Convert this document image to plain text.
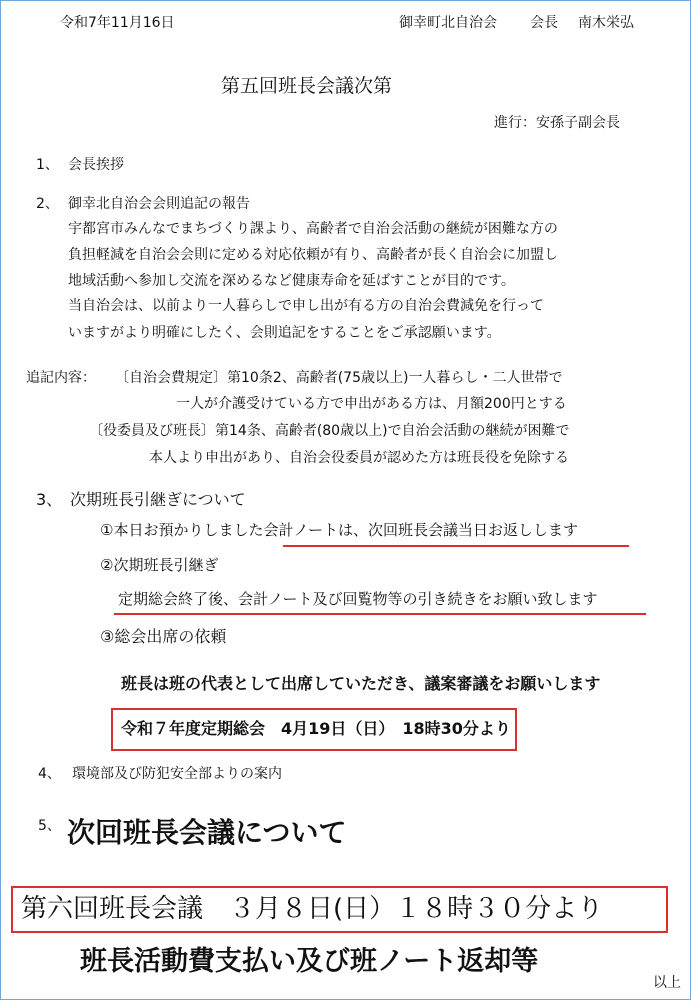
令和7年11月16日	御幸町北自治会 会長 南木栄弘
第五回班長会議次第
進行：安孫子副会長
1、 会長挨拶
2、 御幸北自治会会則追記の報告
宇都宮市みんなでまちづくり課より、高齢者で自治会活動の継続が困難な方の
負担軽減を自治会会則に定める対応依頼が有り、高齢者が長く自治会に加盟し
地域活動へ参加し交流を深めるなど健康寿命を延ばすことが目的です。
当自治会は、以前より一人暮らしで申し出が有る方の自治会費減免を行って
いますがより明確にしたく、会則追記をすることをご承認願います。
追記内容： 〔自治会費規定〕第10条2、高齢者(75歳以上)一人暮らし・二人世帯で
一人が介護受けている方で申出がある方は、月額200円とする
〔役委員及び班長〕第14条、高齢者(80歳以上)で自治会活動の継続が困難で
本人より申出があり、自治会役委員が認めた方は班長役を免除する
3、 次期班長引継ぎについて
①本日お預かりしました会計ノートは、次回班長会議当日お返しします
②次期班長引継ぎ
定期総会終了後、会計ノート及び回覧物等の引き続きをお願い致します
③総会出席の依頼
班長は班の代表として出席していただき、議案審議をお願いします
令和７年度定期総会　4月19日（日）　18時30分より
4、 環境部及び防犯安全部よりの案内
5、 次回班長会議について
第六回班長会議　３月８日(日）１８時３０分より
班長活動費支払い及び班ノート返却等
以上
